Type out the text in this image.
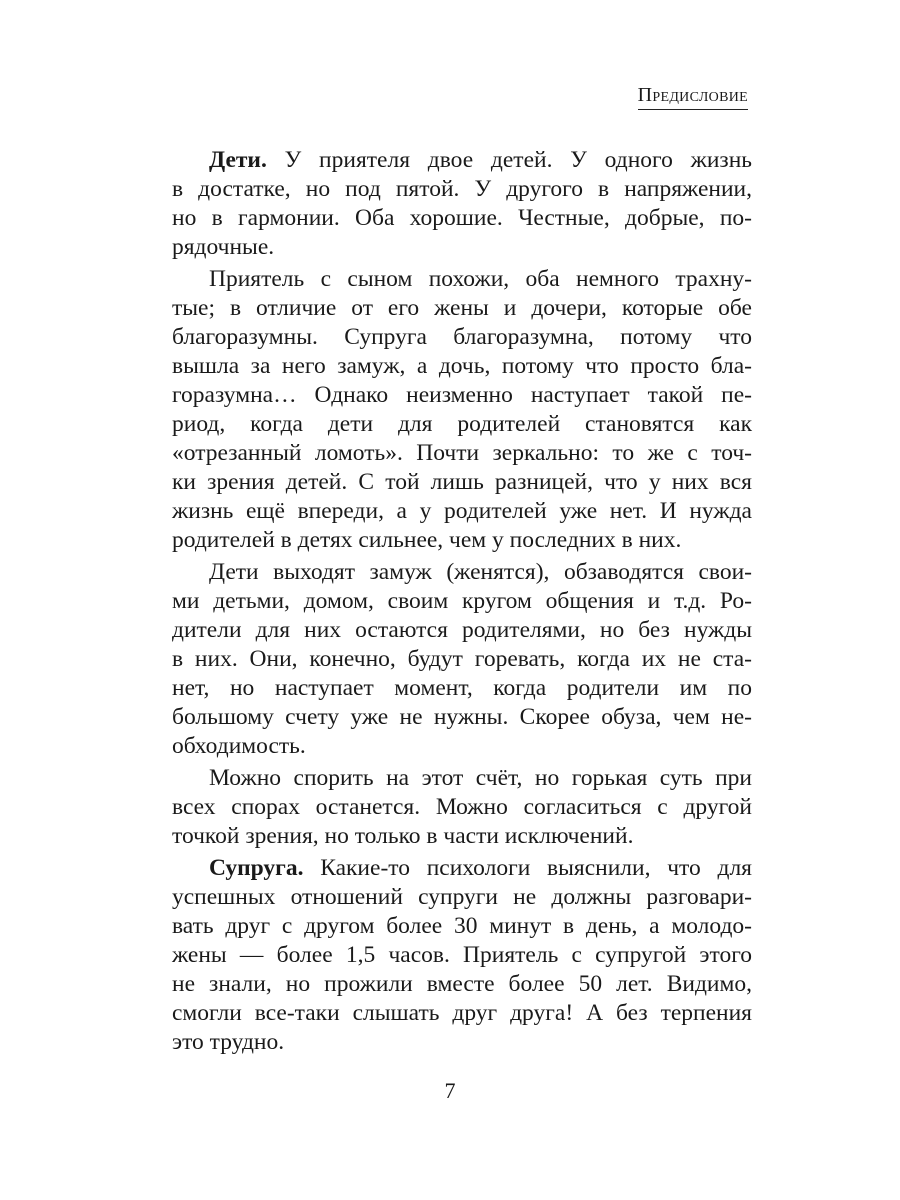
Предисловие
Дети. У приятеля двое детей. У одного жизнь
в достатке, но под пятой. У другого в напряжении,
но в гармонии. Оба хорошие. Честные, добрые, по-
рядочные.
Приятель с сыном похожи, оба немного трахну-
тые; в отличие от его жены и дочери, которые обе
благоразумны. Супруга благоразумна, потому что
вышла за него замуж, а дочь, потому что просто бла-
горазумна… Однако неизменно наступает такой пе-
риод, когда дети для родителей становятся как
«отрезанный ломоть». Почти зеркально: то же с точ-
ки зрения детей. С той лишь разницей, что у них вся
жизнь ещё впереди, а у родителей уже нет. И нужда
родителей в детях сильнее, чем у последних в них.
Дети выходят замуж (женятся), обзаводятся свои-
ми детьми, домом, своим кругом общения и т.д. Ро-
дители для них остаются родителями, но без нужды
в них. Они, конечно, будут горевать, когда их не ста-
нет, но наступает момент, когда родители им по
большому счету уже не нужны. Скорее обуза, чем не-
обходимость.
Можно спорить на этот счёт, но горькая суть при
всех спорах останется. Можно согласиться с другой
точкой зрения, но только в части исключений.
Супруга. Какие-то психологи выяснили, что для
успешных отношений супруги не должны разговари-
вать друг с другом более 30 минут в день, а молодо-
жены — более 1,5 часов. Приятель с супругой этого
не знали, но прожили вместе более 50 лет. Видимо,
смогли все-таки слышать друг друга! А без терпения
это трудно.
7
